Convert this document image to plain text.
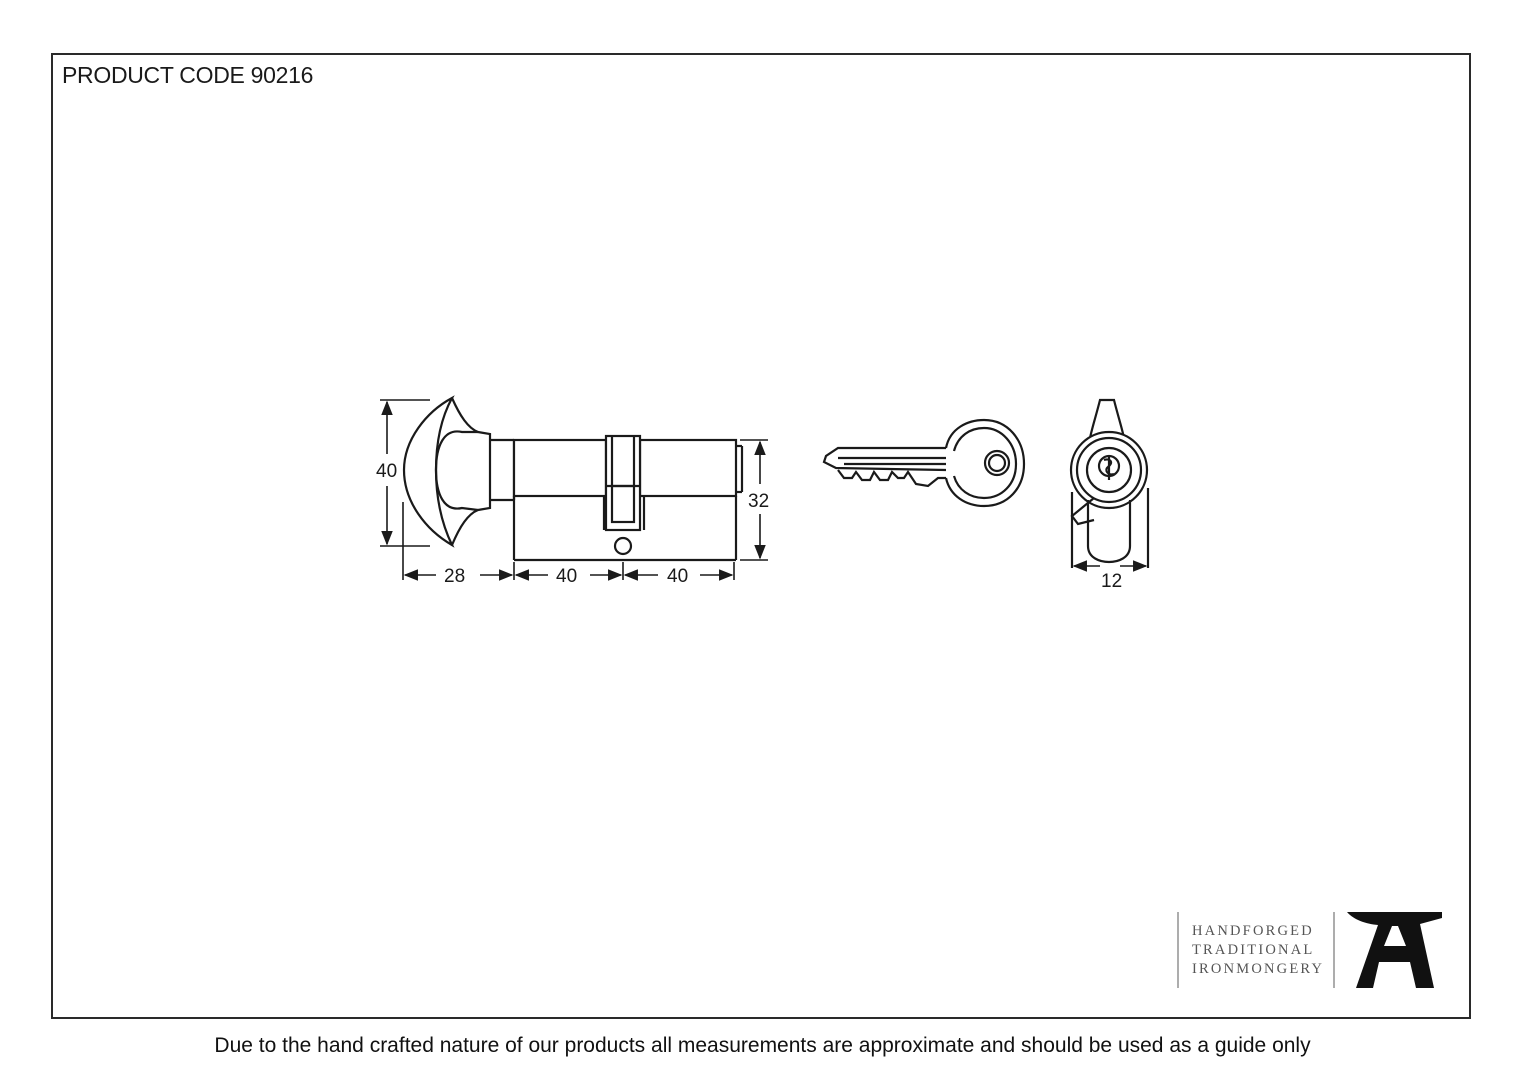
PRODUCT CODE 90216
40
32
28	40	40	12
HANDFORGED
TRADITIONAL
IRONMONGERY
Due to the hand crafted nature of our products all measurements are approximate and should be used as a guide only
